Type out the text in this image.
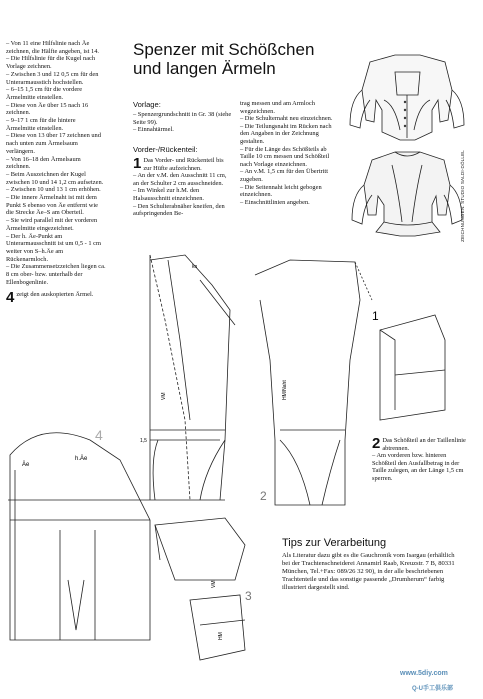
– Von 11 eine Hilfslinie nach Äe zeichnen, die Hälfte angeben, ist 14.

– Die Hilfslinie für die Kugel nach Vorlage zeichnen.

– Zwischen 3 und 12 0,5 cm für den Unterarmausstich hochstellen.

– 6–15 1,5 cm für die vordere Ärmelmitte einstellen.

– Diese von Äe über 15 nach 16 zeichnen.

– 9–17 1 cm für die hintere Ärmelmitte einstellen.

– Diese von 13 über 17 zeichnen und nach unten zum Ärmelsaum verlängern.

– Von 16–18 den Ärmelsaum zeichnen.

– Beim Auszeichnen der Kugel zwischen 10 und 14 1,2 cm aufsetzen.

– Zwischen 10 und 13 1 cm erhöhen.

– Die innere Ärmelnaht ist mit dem Punkt S ebenso von Äe entfernt wie die Strecke Äe–S am Oberteil.

– Sie wird parallel mit der vorderen Ärmelmitte eingezeichnet.

– Der h. Äe-Punkt am Unterarmausschnitt ist um 0,5 - 1 cm weiter von S–h.Äe am Rückenarmloch.

– Die Zusammensetzzeichen liegen ca. 8 cm ober- bzw. unterhalb der Ellenbogenlinie.

4 zeigt den auskopierten Ärmel.

Spenzer mit Schößchen und langen Ärmeln
Vorlage:

– Spenzergrundschnitt in Gr. 38 (siehe Seite 99).

– Einnahtärmel.

Vorder-/Rückenteil:

1 Das Vorder- und Rückenteil bis zur Hüfte aufzeichnen.

– An der v.M. den Ausschnitt 11 cm, an der Schulter 2 cm ausschneiden.

– Im Winkel zur h.M. den Halsausschnitt einzeichnen.

– Den Schulterabnäher kneifen, den aufspringenden Be-

trag messen und am Armloch wegzeichnen.

– Die Schulternaht neu einzeichnen.

– Die Teilungsnaht im Rücken nach den Angaben in der Zeichnung gestalten.

– Für die Länge des Schößteils ab Taille 10 cm messen und Schößteil nach Vorlage einzeichnen.

– An v.M. 1,5 cm für den Übertritt zugeben.

– Die Seitennaht leicht gebogen einzeichnen.

– Einschnittlinien angeben.

2 Das Schößteil an der Taillenlinie abtrennen.

– Am vorderen bzw. hinteren Schößteil den Ausfallbetrag in der Taille zulegen, an der Länge 1,5 cm sperren.

Tips zur Verarbeitung
Als Literatur dazu gibt es die Gauchronik vom Isargau (erhältlich bei der Trachtenschneiderei Annamirl Raab, Kreuzstr. 7 B, 80331 München, Tel.+Fax: 089/26 32 90), in der alle beschriebenen Trachtenteile und das sonstige passende „Drumherum“ farbig illustriert dargestellt sind.
ZEICHNUNGEN: STUDIO SALDI-DÖLLEL
www.5diy.com
Q-U手工俱乐部
kn
VM	HM/Naht
1,5
1
2
3
4
Äe
h.Äe
VM
HM
